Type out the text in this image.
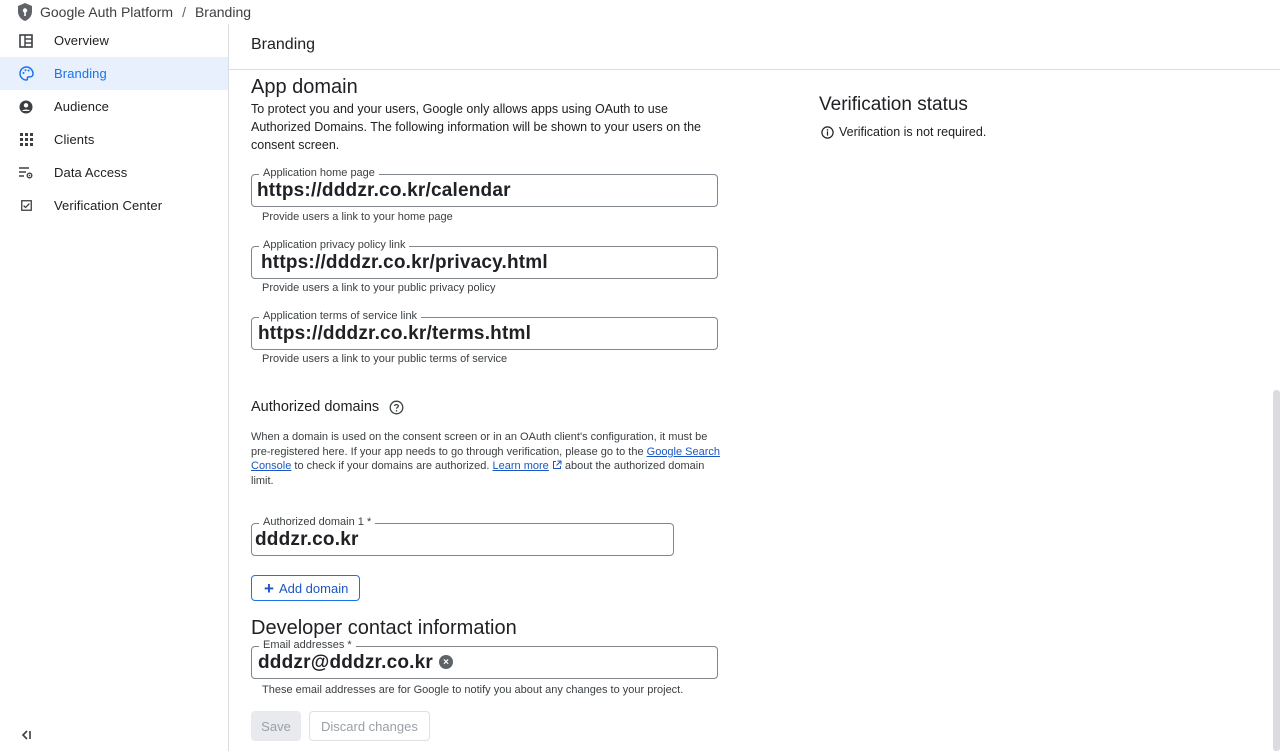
Google Auth Platform / Branding
Overview
Branding
Audience
Clients
Data Access
Verification Center
Branding
App domain
To protect you and your users, Google only allows apps using OAuth to use Authorized Domains. The following information will be shown to your users on the consent screen.
Application home page
https://dddzr.co.kr/calendar
Provide users a link to your home page
Application privacy policy link
https://dddzr.co.kr/privacy.html
Provide users a link to your public privacy policy
Application terms of service link
https://dddzr.co.kr/terms.html
Provide users a link to your public terms of service
Authorized domains
When a domain is used on the consent screen or in an OAuth client's configuration, it must be pre-registered here. If your app needs to go through verification, please go to the Google Search Console to check if your domains are authorized. Learn more  about the authorized domain limit.
Authorized domain 1 *
dddzr.co.kr
+ Add domain
Developer contact information
Email addresses *
dddzr@dddzr.co.kr	×
These email addresses are for Google to notify you about any changes to your project.
Save	Discard changes
Verification status
Verification is not required.
